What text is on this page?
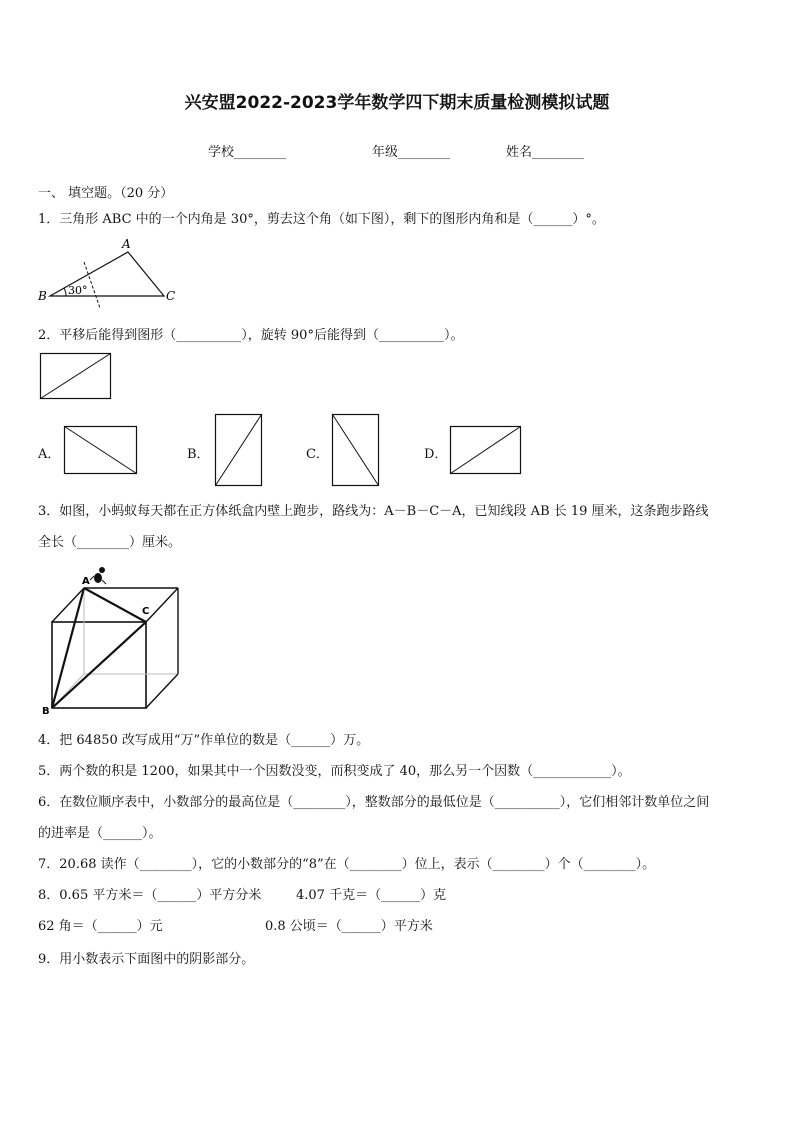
兴安盟2022-2023学年数学四下期末质量检测模拟试题
学校________	年级________	姓名________
一、 填空题。（20 分）
1．三角形 ABC 中的一个内角是 30°，剪去这个角（如下图），剩下的图形内角和是（______）°。
A
B	C
30°
2．平移后能得到图形（__________），旋转 90°后能得到（__________）。
A．	B．	C．	D．
3．如图，小蚂蚁每天都在正方体纸盒内壁上跑步，路线为：A－B－C－A，已知线段 AB 长 19 厘米，这条跑步路线
全长（________）厘米。
A
B
C
4．把 64850 改写成用“万”作单位的数是（______）万。
5．两个数的积是 1200，如果其中一个因数没变，而积变成了 40，那么另一个因数（____________）。
6．在数位顺序表中，小数部分的最高位是（________），整数部分的最低位是（__________），它们相邻计数单位之间
的进率是（______）。
7．20.68 读作（________），它的小数部分的“8”在（________）位上，表示（________）个（________）。
8．0.65 平方米＝（______）平方分米	4.07 千克＝（______）克
62 角＝（______）元	0.8 公顷＝（______）平方米
9．用小数表示下面图中的阴影部分。
